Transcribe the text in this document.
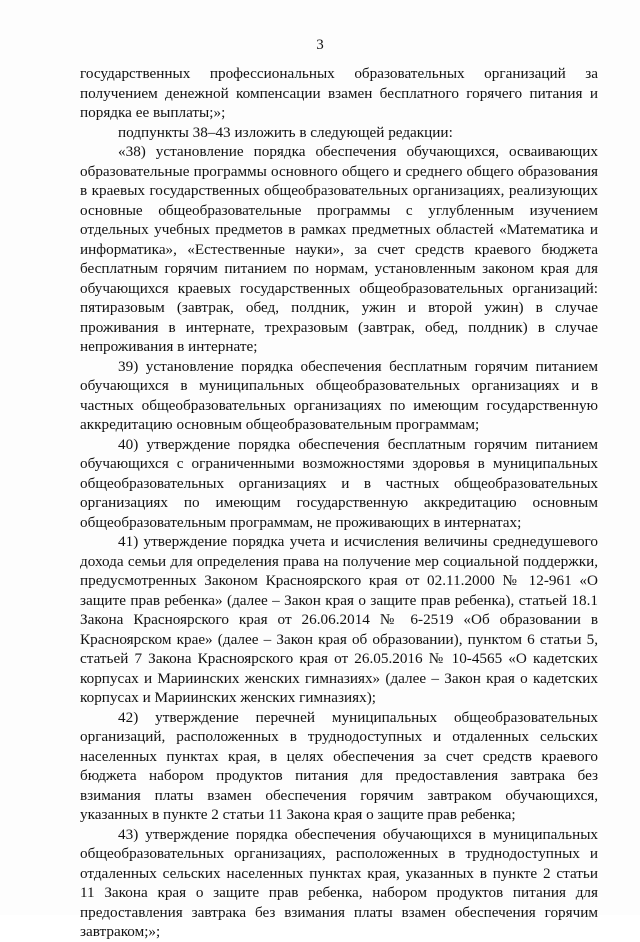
3

государственных профессиональных образовательных организаций за получением денежной компенсации взамен бесплатного горячего питания и порядка ее выплаты;»;

подпункты 38–43 изложить в следующей редакции:

«38) установление порядка обеспечения обучающихся, осваивающих образовательные программы основного общего и среднего общего образования в краевых государственных общеобразовательных организациях, реализующих основные общеобразовательные программы с углубленным изучением отдельных учебных предметов в рамках предметных областей «Математика и информатика», «Естественные науки», за счет средств краевого бюджета бесплатным горячим питанием по нормам, установленным законом края для обучающихся краевых государственных общеобразовательных организаций: пятиразовым (завтрак, обед, полдник, ужин и второй ужин) в случае проживания в интернате, трехразовым (завтрак, обед, полдник) в случае непроживания в интернате;

39) установление порядка обеспечения бесплатным горячим питанием обучающихся в муниципальных общеобразовательных организациях и в частных общеобразовательных организациях по имеющим государственную аккредитацию основным общеобразовательным программам;

40) утверждение порядка обеспечения бесплатным горячим питанием обучающихся с ограниченными возможностями здоровья в муниципальных общеобразовательных организациях и в частных общеобразовательных организациях по имеющим государственную аккредитацию основным общеобразовательным программам, не проживающих в интернатах;

41) утверждение порядка учета и исчисления величины среднедушевого дохода семьи для определения права на получение мер социальной поддержки, предусмотренных Законом Красноярского края от 02.11.2000 № 12-961 «О защите прав ребенка» (далее – Закон края о защите прав ребенка), статьей 18.1 Закона Красноярского края от 26.06.2014 № 6-2519 «Об образовании в Красноярском крае» (далее – Закон края об образовании), пунктом 6 статьи 5, статьей 7 Закона Красноярского края от 26.05.2016 № 10-4565 «О кадетских корпусах и Мариинских женских гимназиях» (далее – Закон края о кадетских корпусах и Мариинских женских гимназиях);

42) утверждение перечней муниципальных общеобразовательных организаций, расположенных в труднодоступных и отдаленных сельских населенных пунктах края, в целях обеспечения за счет средств краевого бюджета набором продуктов питания для предоставления завтрака без взимания платы взамен обеспечения горячим завтраком обучающихся, указанных в пункте 2 статьи 11 Закона края о защите прав ребенка;

43) утверждение порядка обеспечения обучающихся в муниципальных общеобразовательных организациях, расположенных в труднодоступных и отдаленных сельских населенных пунктах края, указанных в пункте 2 статьи 11 Закона края о защите прав ребенка, набором продуктов питания для предоставления завтрака без взимания платы взамен обеспечения горячим завтраком;»;
